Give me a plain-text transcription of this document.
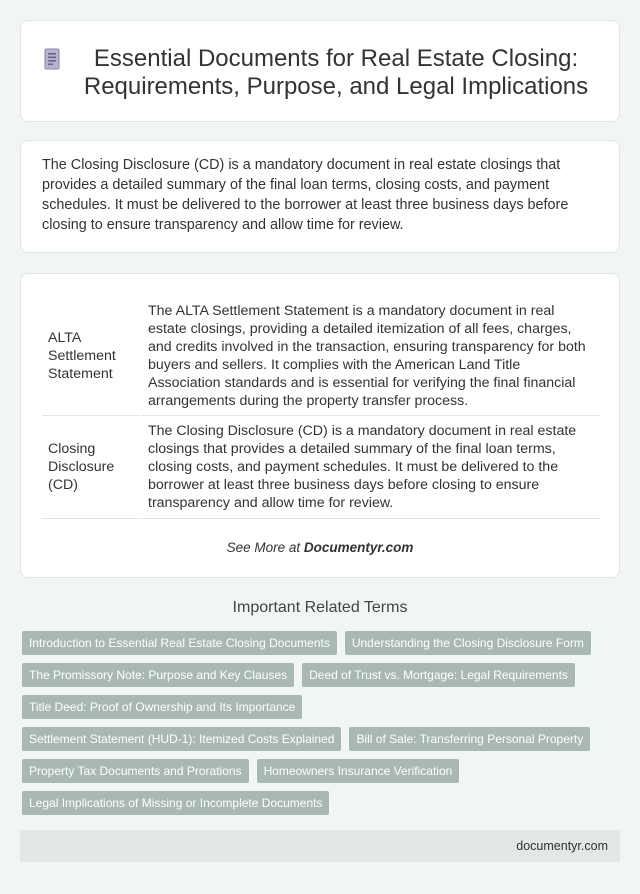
Essential Documents for Real Estate Closing: Requirements, Purpose, and Legal Implications

The Closing Disclosure (CD) is a mandatory document in real estate closings that provides a detailed summary of the final loan terms, closing costs, and payment schedules. It must be delivered to the borrower at least three business days before closing to ensure transparency and allow time for review.

ALTA Settlement Statement		The ALTA Settlement Statement is a mandatory document in real estate closings, providing a detailed itemization of all fees, charges, and credits involved in the transaction, ensuring transparency for both buyers and sellers. It complies with the American Land Title Association standards and is essential for verifying the final financial arrangements during the property transfer process.
Closing Disclosure (CD)		The Closing Disclosure (CD) is a mandatory document in real estate closings that provides a detailed summary of the final loan terms, closing costs, and payment schedules. It must be delivered to the borrower at least three business days before closing to ensure transparency and allow time for review.
See More at Documentyr.com
Important Related Terms
Introduction to Essential Real Estate Closing Documents	Understanding the Closing Disclosure Form
The Promissory Note: Purpose and Key Clauses	Deed of Trust vs. Mortgage: Legal Requirements
Title Deed: Proof of Ownership and Its Importance
Settlement Statement (HUD-1): Itemized Costs Explained	Bill of Sale: Transferring Personal Property
Property Tax Documents and Prorations	Homeowners Insurance Verification
Legal Implications of Missing or Incomplete Documents
documentyr.com
